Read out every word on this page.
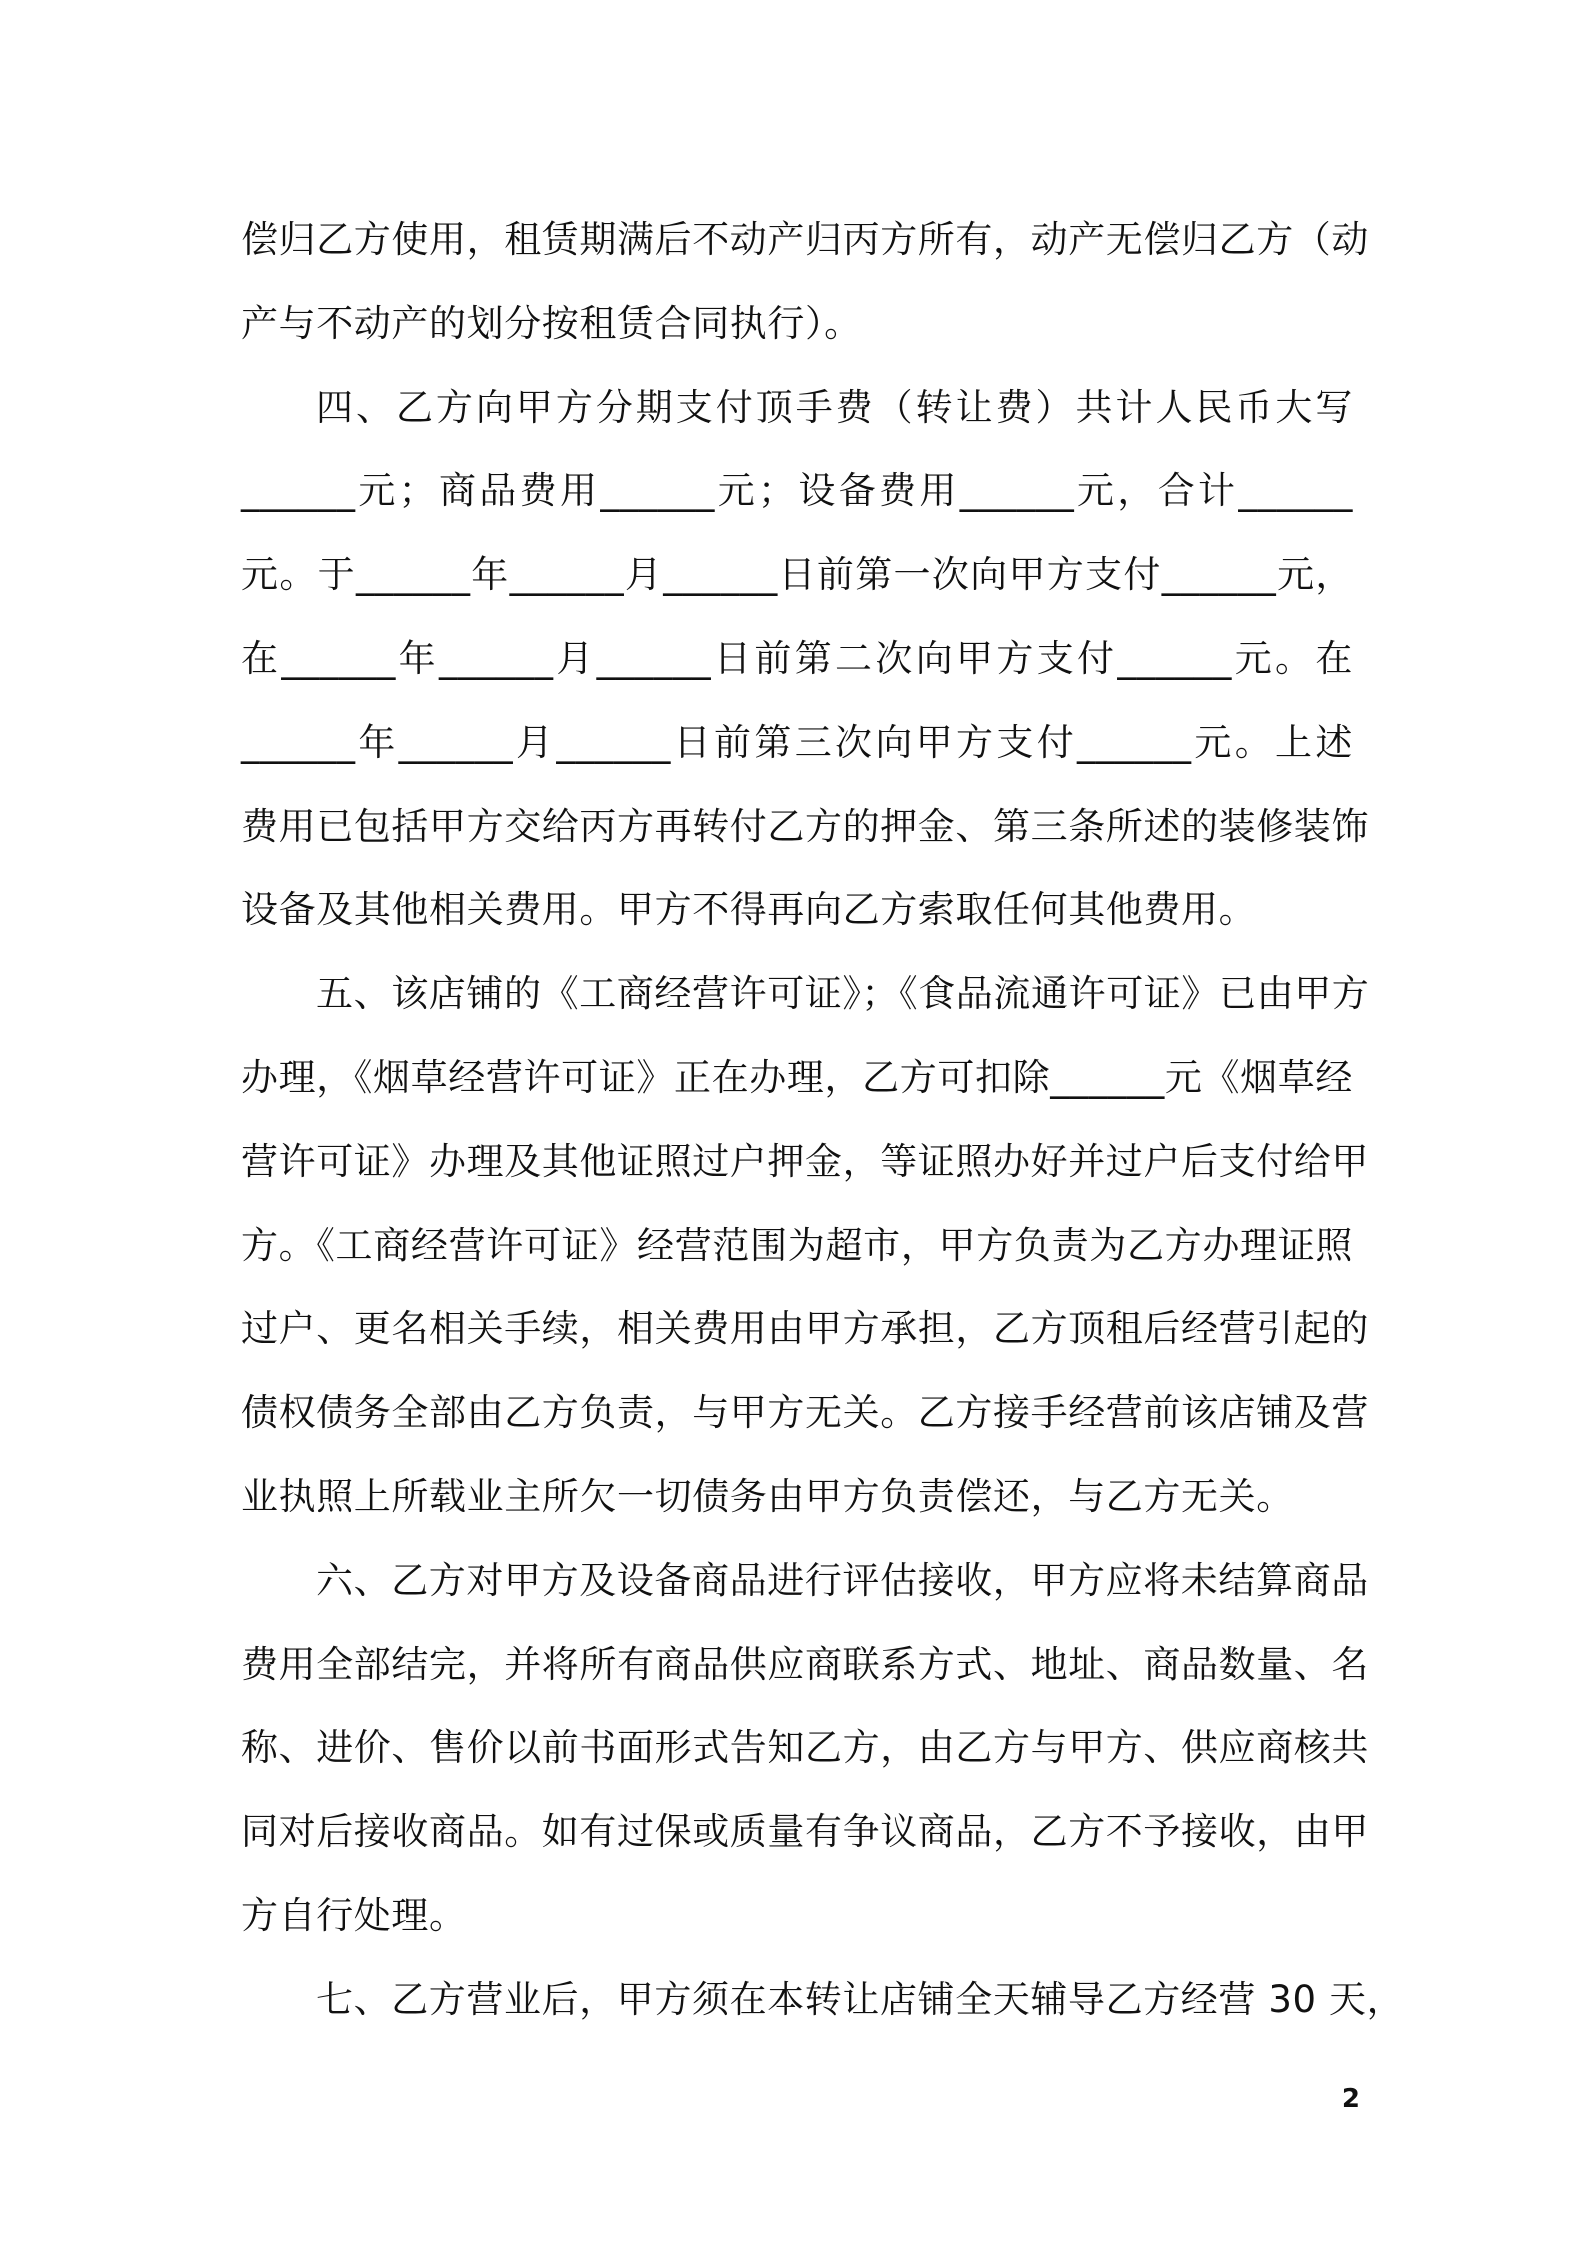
偿归乙方使用，租赁期满后不动产归丙方所有，动产无偿归乙方（动
产与不动产的划分按租赁合同执行）。
四、乙方向甲方分期支付顶手费（转让费）共计人民币大写
______元；商品费用______元；设备费用______元，合计______
元。于______年______月______日前第一次向甲方支付______元，
在______年______月______日前第二次向甲方支付______元。在
______年______月______日前第三次向甲方支付______元。上述
费用已包括甲方交给丙方再转付乙方的押金、第三条所述的装修装饰
设备及其他相关费用。甲方不得再向乙方索取任何其他费用。
五、该店铺的《工商经营许可证》；《食品流通许可证》已由甲方
办理，《烟草经营许可证》正在办理，乙方可扣除______元《烟草经
营许可证》办理及其他证照过户押金，等证照办好并过户后支付给甲
方。《工商经营许可证》经营范围为超市，甲方负责为乙方办理证照
过户、更名相关手续，相关费用由甲方承担，乙方顶租后经营引起的
债权债务全部由乙方负责，与甲方无关。乙方接手经营前该店铺及营
业执照上所载业主所欠一切债务由甲方负责偿还，与乙方无关。
六、乙方对甲方及设备商品进行评估接收，甲方应将未结算商品
费用全部结完，并将所有商品供应商联系方式、地址、商品数量、名
称、进价、售价以前书面形式告知乙方，由乙方与甲方、供应商核共
同对后接收商品。如有过保或质量有争议商品，乙方不予接收，由甲
方自行处理。
七、乙方营业后，甲方须在本转让店铺全天辅导乙方经营 30 天，
2
